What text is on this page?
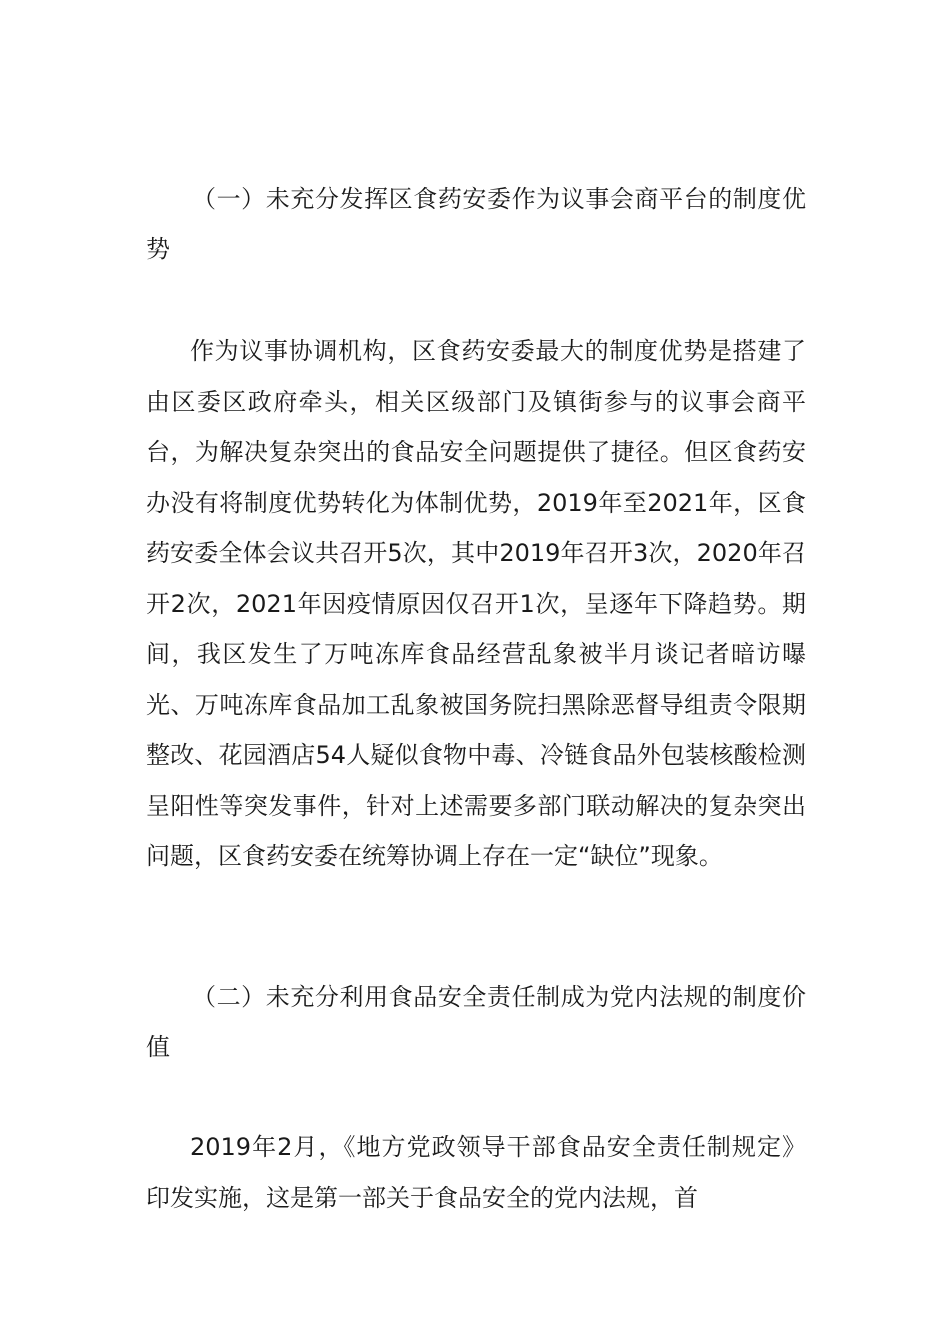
（一）未充分发挥区食药安委作为议事会商平台的制度优势

作为议事协调机构，区食药安委最大的制度优势是搭建了由区委区政府牵头，相关区级部门及镇街参与的议事会商平台，为解决复杂突出的食品安全问题提供了捷径。但区食药安办没有将制度优势转化为体制优势，2019年至2021年，区食药安委全体会议共召开5次，其中2019年召开3次，2020年召开2次，2021年因疫情原因仅召开1次，呈逐年下降趋势。期间，我区发生了万吨冻库食品经营乱象被半月谈记者暗访曝光、万吨冻库食品加工乱象被国务院扫黑除恶督导组责令限期整改、花园酒店54人疑似食物中毒、冷链食品外包装核酸检测呈阳性等突发事件，针对上述需要多部门联动解决的复杂突出问题，区食药安委在统筹协调上存在一定“缺位”现象。

（二）未充分利用食品安全责任制成为党内法规的制度价值

2019年2月，《地方党政领导干部食品安全责任制规定》印发实施，这是第一部关于食品安全的党内法规，首
